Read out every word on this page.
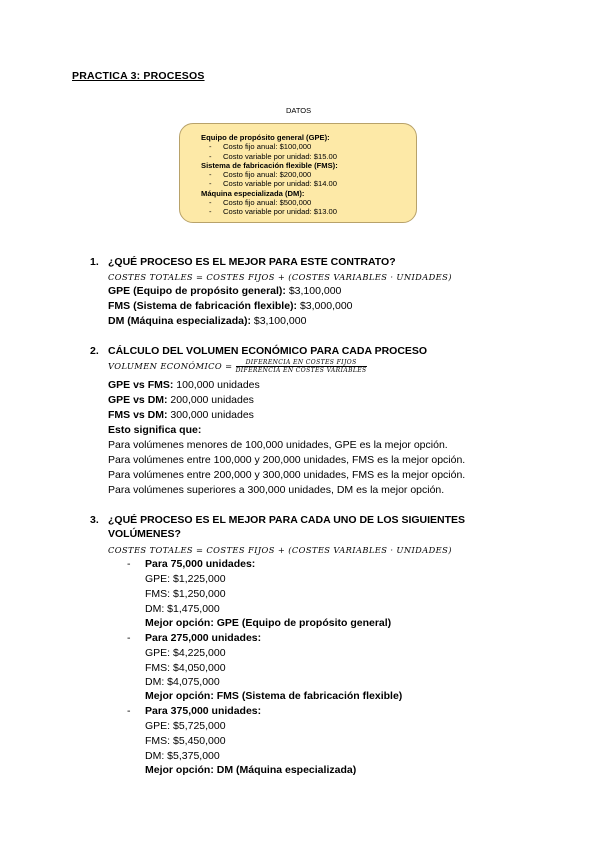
PRACTICA 3: PROCESOS
DATOS
Equipo de propósito general (GPE):
- Costo fijo anual: $100,000
- Costo variable por unidad: $15.00
Sistema de fabricación flexible (FMS):
- Costo fijo anual: $200,000
- Costo variable por unidad: $14.00
Máquina especializada (DM):
- Costo fijo anual: $500,000
- Costo variable por unidad: $13.00
1. ¿QUÉ PROCESO ES EL MEJOR PARA ESTE CONTRATO?
COSTES TOTALES = COSTES FIJOS + (COSTES VARIABLES · UNIDADES)
GPE (Equipo de propósito general): $3,100,000
FMS (Sistema de fabricación flexible): $3,000,000
DM (Máquina especializada): $3,100,000
2. CÁLCULO DEL VOLUMEN ECONÓMICO PARA CADA PROCESO
VOLUMEN ECONÓMICO = $\frac{\text{DIFERENCIA EN COSTES FIJOS}}{\text{DIFERENCIA EN COSTES VARIABLES}}$
GPE vs FMS: 100,000 unidades
GPE vs DM: 200,000 unidades
FMS vs DM: 300,000 unidades
Esto significa que:
Para volúmenes menores de 100,000 unidades, GPE es la mejor opción.
Para volúmenes entre 100,000 y 200,000 unidades, FMS es la mejor opción.
Para volúmenes entre 200,000 y 300,000 unidades, FMS es la mejor opción.
Para volúmenes superiores a 300,000 unidades, DM es la mejor opción.
3. ¿QUÉ PROCESO ES EL MEJOR PARA CADA UNO DE LOS SIGUIENTES
VOLÚMENES?
COSTES TOTALES = COSTES FIJOS + (COSTES VARIABLES · UNIDADES)
- Para 75,000 unidades:
GPE: $1,225,000
FMS: $1,250,000
DM: $1,475,000
Mejor opción: GPE (Equipo de propósito general)
- Para 275,000 unidades:
GPE: $4,225,000
FMS: $4,050,000
DM: $4,075,000
Mejor opción: FMS (Sistema de fabricación flexible)
- Para 375,000 unidades:
GPE: $5,725,000
FMS: $5,450,000
DM: $5,375,000
Mejor opción: DM (Máquina especializada)
